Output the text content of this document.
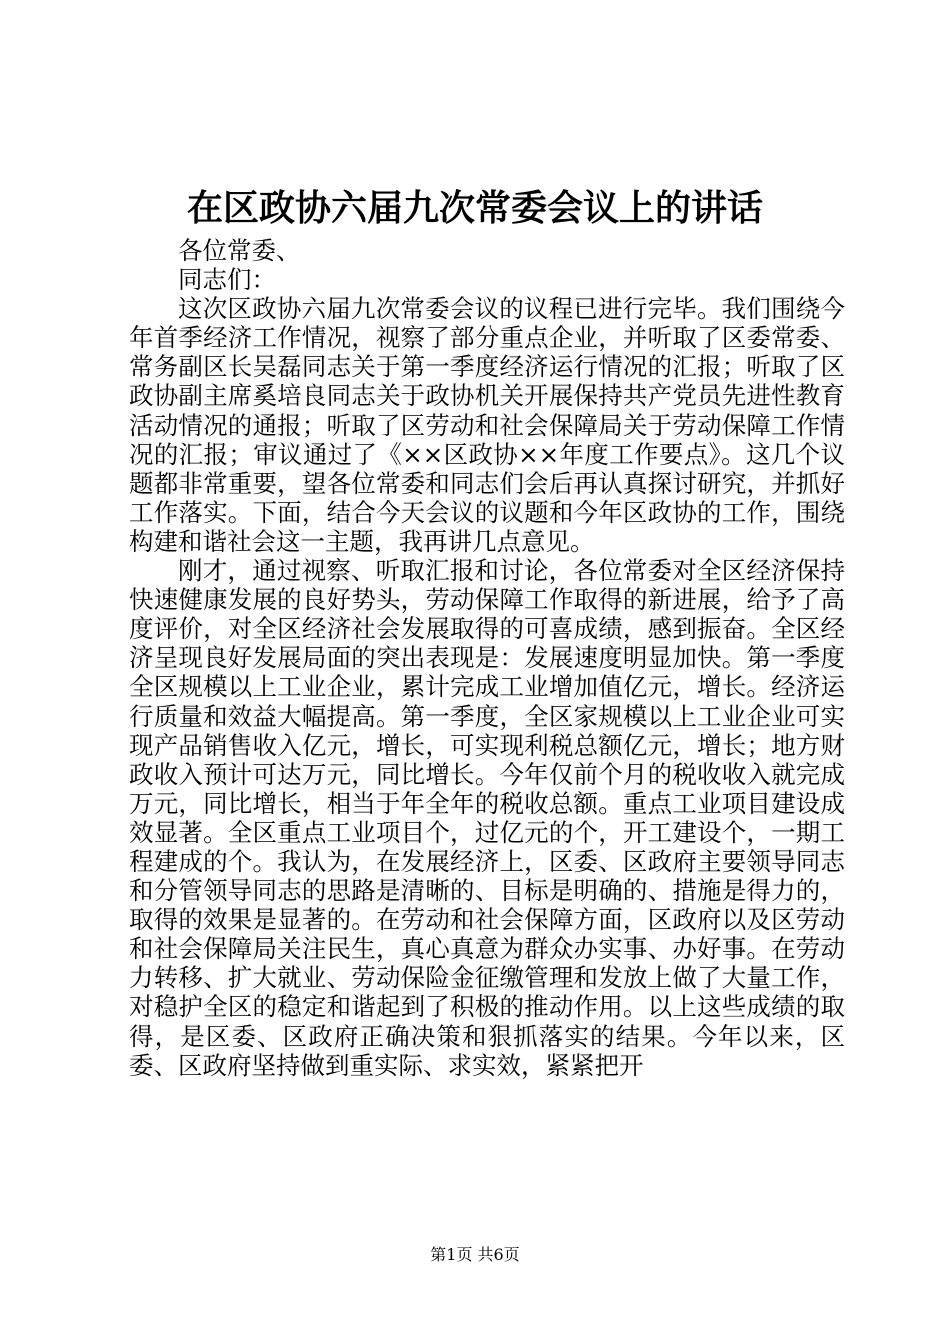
在区政协六届九次常委会议上的讲话

各位常委、

同志们：

这次区政协六届九次常委会议的议程已进行完毕。我们围绕今年首季经济工作情况，视察了部分重点企业，并听取了区委常委、常务副区长吴磊同志关于第一季度经济运行情况的汇报；听取了区政协副主席奚培良同志关于政协机关开展保持共产党员先进性教育活动情况的通报；听取了区劳动和社会保障局关于劳动保障工作情况的汇报；审议通过了《××区政协××年度工作要点》。这几个议题都非常重要，望各位常委和同志们会后再认真探讨研究，并抓好工作落实。下面，结合今天会议的议题和今年区政协的工作，围绕构建和谐社会这一主题，我再讲几点意见。

刚才，通过视察、听取汇报和讨论，各位常委对全区经济保持快速健康发展的良好势头，劳动保障工作取得的新进展，给予了高度评价，对全区经济社会发展取得的可喜成绩，感到振奋。全区经济呈现良好发展局面的突出表现是：发展速度明显加快。第一季度全区规模以上工业企业，累计完成工业增加值亿元，增长。经济运行质量和效益大幅提高。第一季度，全区家规模以上工业企业可实现产品销售收入亿元，增长，可实现利税总额亿元，增长；地方财政收入预计可达万元，同比增长。今年仅前个月的税收收入就完成万元，同比增长，相当于年全年的税收总额。重点工业项目建设成效显著。全区重点工业项目个，过亿元的个，开工建设个，一期工程建成的个。我认为，在发展经济上，区委、区政府主要领导同志和分管领导同志的思路是清晰的、目标是明确的、措施是得力的，取得的效果是显著的。在劳动和社会保障方面，区政府以及区劳动和社会保障局关注民生，真心真意为群众办实事、办好事。在劳动力转移、扩大就业、劳动保险金征缴管理和发放上做了大量工作，对稳护全区的稳定和谐起到了积极的推动作用。以上这些成绩的取得，是区委、区政府正确决策和狠抓落实的结果。今年以来，区委、区政府坚持做到重实际、求实效，紧紧把开

第1页 共6页
